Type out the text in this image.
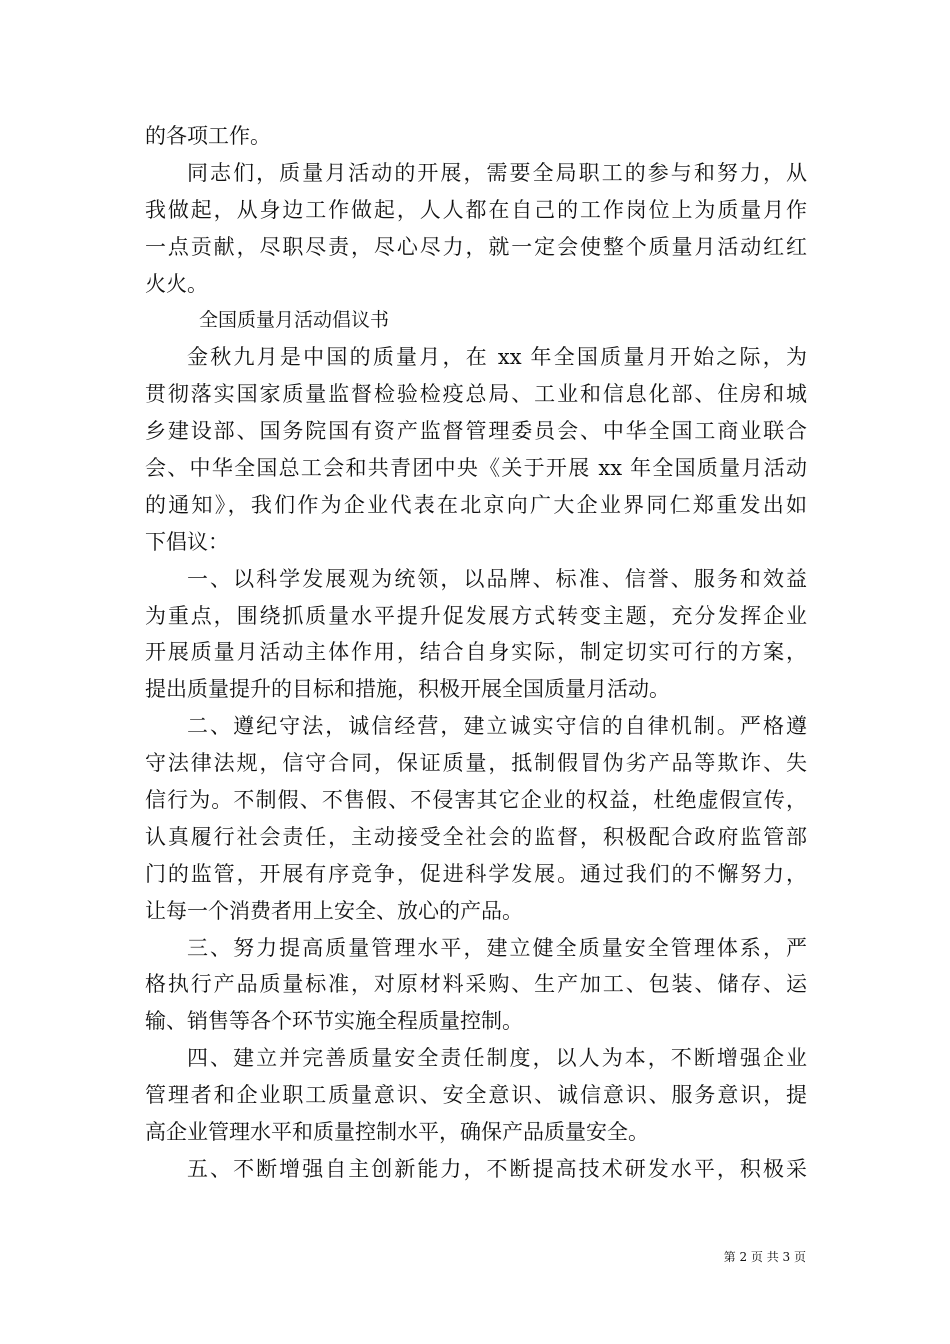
的各项工作。
同志们，质量月活动的开展，需要全局职工的参与和努力，从
我做起，从身边工作做起，人人都在自己的工作岗位上为质量月作
一点贡献，尽职尽责，尽心尽力，就一定会使整个质量月活动红红
火火。
全国质量月活动倡议书
金秋九月是中国的质量月，在 xx 年全国质量月开始之际，为
贯彻落实国家质量监督检验检疫总局、工业和信息化部、住房和城
乡建设部、国务院国有资产监督管理委员会、中华全国工商业联合
会、中华全国总工会和共青团中央《关于开展 xx 年全国质量月活动
的通知》，我们作为企业代表在北京向广大企业界同仁郑重发出如
下倡议：
一、以科学发展观为统领，以品牌、标准、信誉、服务和效益
为重点，围绕抓质量水平提升促发展方式转变主题，充分发挥企业
开展质量月活动主体作用，结合自身实际，制定切实可行的方案，
提出质量提升的目标和措施，积极开展全国质量月活动。
二、遵纪守法，诚信经营，建立诚实守信的自律机制。严格遵
守法律法规，信守合同，保证质量，抵制假冒伪劣产品等欺诈、失
信行为。不制假、不售假、不侵害其它企业的权益，杜绝虚假宣传，
认真履行社会责任，主动接受全社会的监督，积极配合政府监管部
门的监管，开展有序竞争，促进科学发展。通过我们的不懈努力，
让每一个消费者用上安全、放心的产品。
三、努力提高质量管理水平，建立健全质量安全管理体系，严
格执行产品质量标准，对原材料采购、生产加工、包装、储存、运
输、销售等各个环节实施全程质量控制。
四、建立并完善质量安全责任制度，以人为本，不断增强企业
管理者和企业职工质量意识、安全意识、诚信意识、服务意识，提
高企业管理水平和质量控制水平，确保产品质量安全。
五、不断增强自主创新能力，不断提高技术研发水平，积极采
第 2 页 共 3 页
